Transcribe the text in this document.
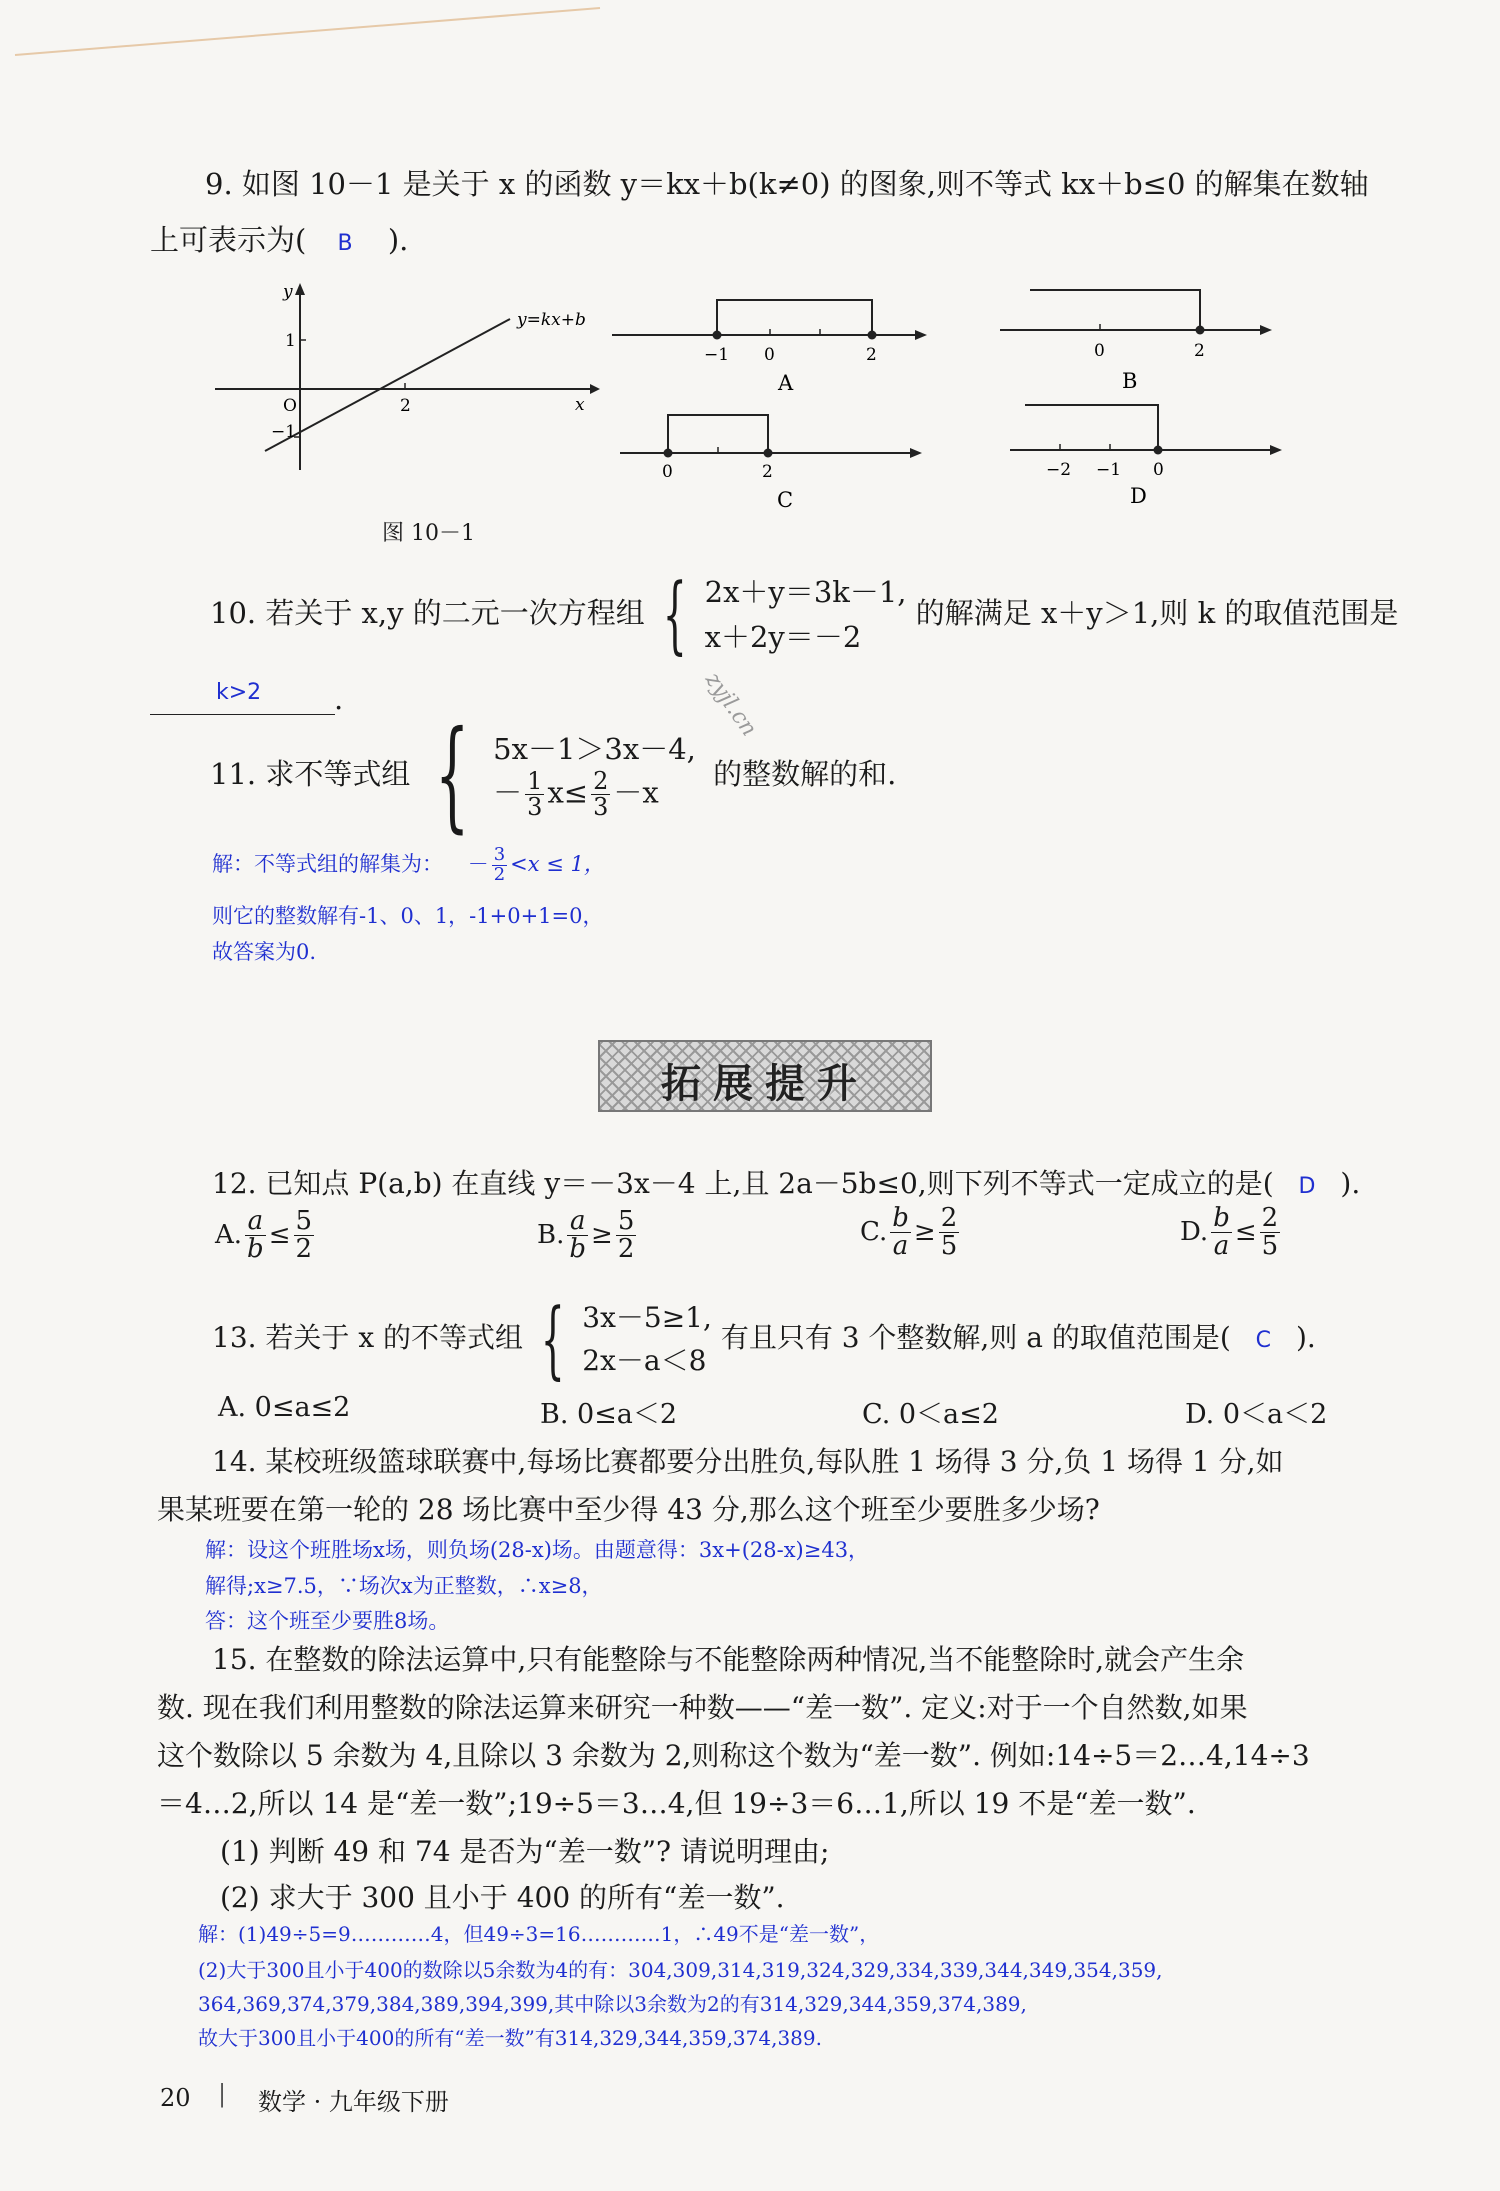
9. 如图 10－1 是关于 x 的函数 y＝kx＋b(k≠0) 的图象,则不等式 kx＋b≤0 的解集在数轴
上可表示为( B ).
y
x
y=kx+b
1
O
−1
2
图 10－1
−1 0	2
A
0	2
B
0	2
C
−2 −1 0
D
10. 若关于 x,y 的二元一次方程组 { 2x＋y＝3k－1,
x＋2y＝－2
的解满足 x＋y＞1,则 k 的取值范围是
k>2	.	zyjl.cn
11. 求不等式组 { 5x－1＞3x－4,
－ $\frac{1}{3} x\le \frac{2}{3} -x$
的整数解的和.
解：不等式组的解集为： － $\frac{3}{2} <x \le 1$，
则它的整数解有-1、0、1，-1+0+1=0，
故答案为0.
拓展提升
12. 已知点 P(a,b) 在直线 y＝－3x－4 上,且 2a－5b≤0,则下列不等式一定成立的是( D ).
A. $\frac{a}{b} \le \frac{5}{2}$	B. $\frac{a}{b} \ge \frac{5}{2}$	C. $\frac{b}{a} \ge \frac{2}{5}$	D. $\frac{b}{a} \le \frac{2}{5}$
13. 若关于 x 的不等式组 { 3x－5≥1,
2x－a＜8
有且只有 3 个整数解,则 a 的取值范围是( C ).
A. 0≤a≤2	B. 0≤a＜2	C. 0＜a≤2	D. 0＜a＜2
14. 某校班级篮球联赛中,每场比赛都要分出胜负,每队胜 1 场得 3 分,负 1 场得 1 分,如
果某班要在第一轮的 28 场比赛中至少得 43 分,那么这个班至少要胜多少场?
解：设这个班胜场x场，则负场(28-x)场。由题意得：3x+(28-x)≥43，
解得;x≥7.5，∵场次x为正整数，∴x≥8，
答：这个班至少要胜8场。
15. 在整数的除法运算中,只有能整除与不能整除两种情况,当不能整除时,就会产生余
数. 现在我们利用整数的除法运算来研究一种数——“差一数”. 定义:对于一个自然数,如果
这个数除以 5 余数为 4,且除以 3 余数为 2,则称这个数为“差一数”. 例如:14÷5＝2…4,14÷3
＝4…2,所以 14 是“差一数”;19÷5＝3…4,但 19÷3＝6…1,所以 19 不是“差一数”.
(1) 判断 49 和 74 是否为“差一数”? 请说明理由;
(2) 求大于 300 且小于 400 的所有“差一数”.
解：(1)49÷5=9…………4，但49÷3=16…………1，∴49不是“差一数”，
(2)大于300且小于400的数除以5余数为4的有：304,309,314,319,324,329,334,339,344,349,354,359,
364,369,374,379,384,389,394,399,其中除以3余数为2的有314,329,344,359,374,389,
故大于300且小于400的所有“差一数”有314,329,344,359,374,389.
20 | 数学 · 九年级下册
